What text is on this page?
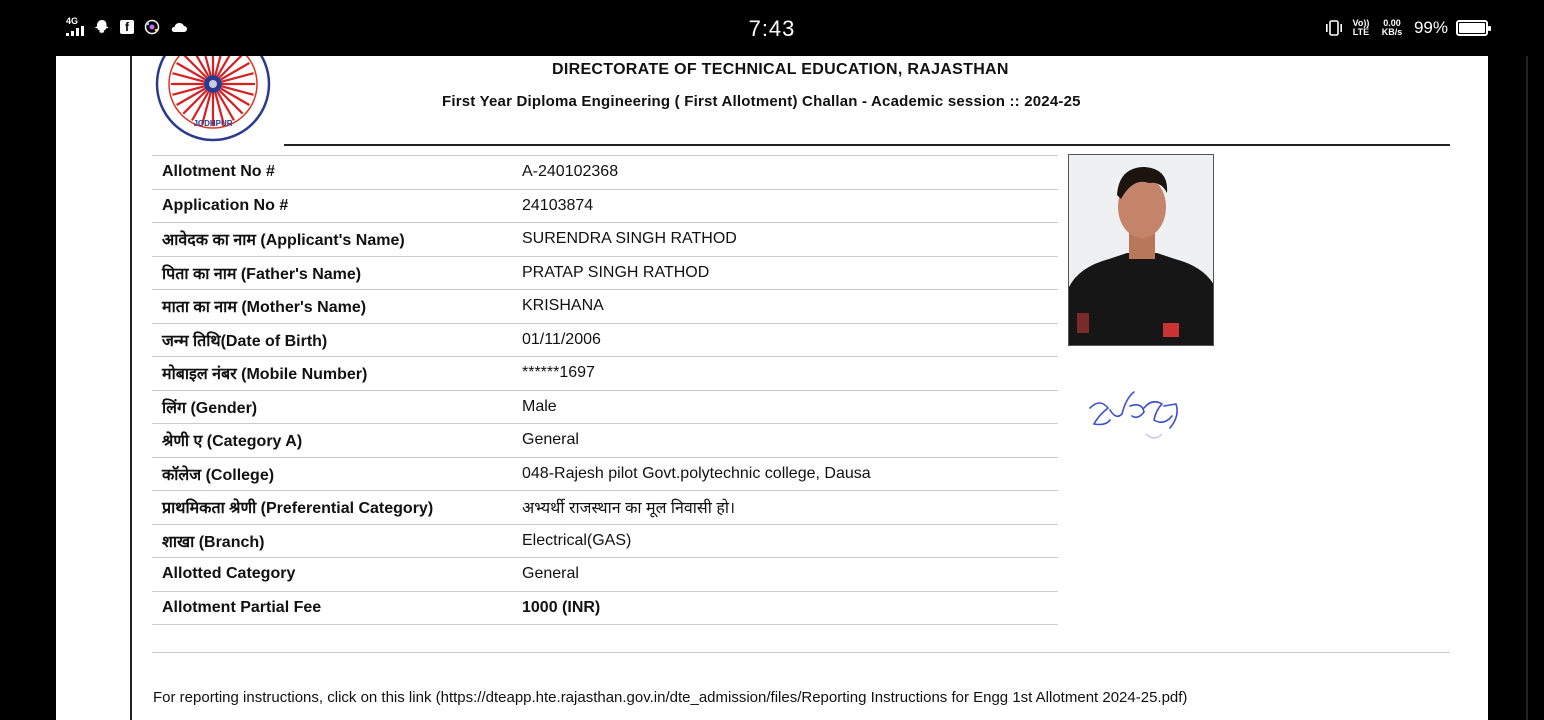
4G	f	7:43	Vo)) LTE
0.00 KB/s 99%
JODHPUR
DIRECTORATE OF TECHNICAL EDUCATION, RAJASTHAN
First Year Diploma Engineering ( First Allotment) Challan - Academic session :: 2024-25
Allotment No #	A-240102368
Application No #	24103874
आवेदक का नाम (Applicant's Name)	SURENDRA SINGH RATHOD
पिता का नाम (Father's Name)	PRATAP SINGH RATHOD
माता का नाम (Mother's Name)	KRISHANA
जन्म तिथि(Date of Birth)	01/11/2006
मोबाइल नंबर (Mobile Number)	******1697
लिंग (Gender)	Male
श्रेणी ए (Category A)	General
कॉलेज (College)	048-Rajesh pilot Govt.polytechnic college, Dausa
प्राथमिकता श्रेणी (Preferential Category)	अभ्यर्थी राजस्थान का मूल निवासी हो।
शाखा (Branch)	Electrical(GAS)
Allotted Category	General
Allotment Partial Fee	1000 (INR)
For reporting instructions, click on this link (https://dteapp.hte.rajasthan.gov.in/dte_admission/files/Reporting Instructions for Engg 1st Allotment 2024-25.pdf)
